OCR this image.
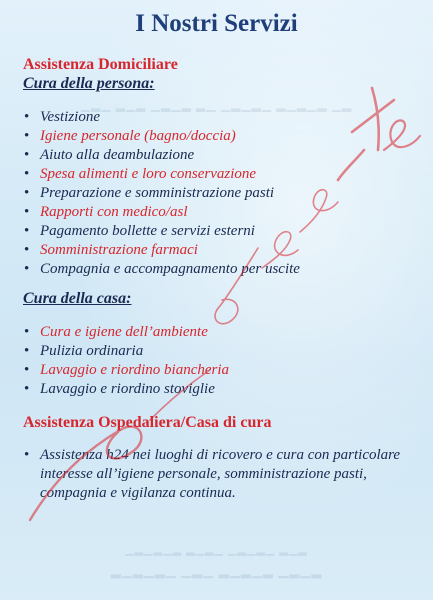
▁▂▁ ▂▁▂ ▁▂▁▂ ▂▁ ▁▂▁▂▁ ▂▁▂▁▂ ▁▂
▁▂▁▂▁▂ ▂▁▂▁ ▁▂▁▂▁ ▂▁▂
▂▁▂▁▂▁ ▁▂▁ ▂▁▂▁▂ ▁▂▁▂
I Nostri Servizi
Assistenza Domiciliare
Cura della persona:
• Vestizione
• Igiene personale (bagno/doccia)
• Aiuto alla deambulazione
• Spesa alimenti e loro conservazione
• Preparazione e somministrazione pasti
• Rapporti con medico/asl
• Pagamento bollette e servizi esterni
• Somministrazione farmaci
• Compagnia e accompagnamento per uscite
Cura della casa:
• Cura e igiene dell’ambiente
• Pulizia ordinaria
• Lavaggio e riordino biancheria
• Lavaggio e riordino stoviglie
Assistenza Ospedaliera/Casa di cura
• Assistenza h24 nei luoghi di ricovero e cura con particolare interesse all’igiene personale, somministrazione pasti, compagnia e vigilanza continua.
